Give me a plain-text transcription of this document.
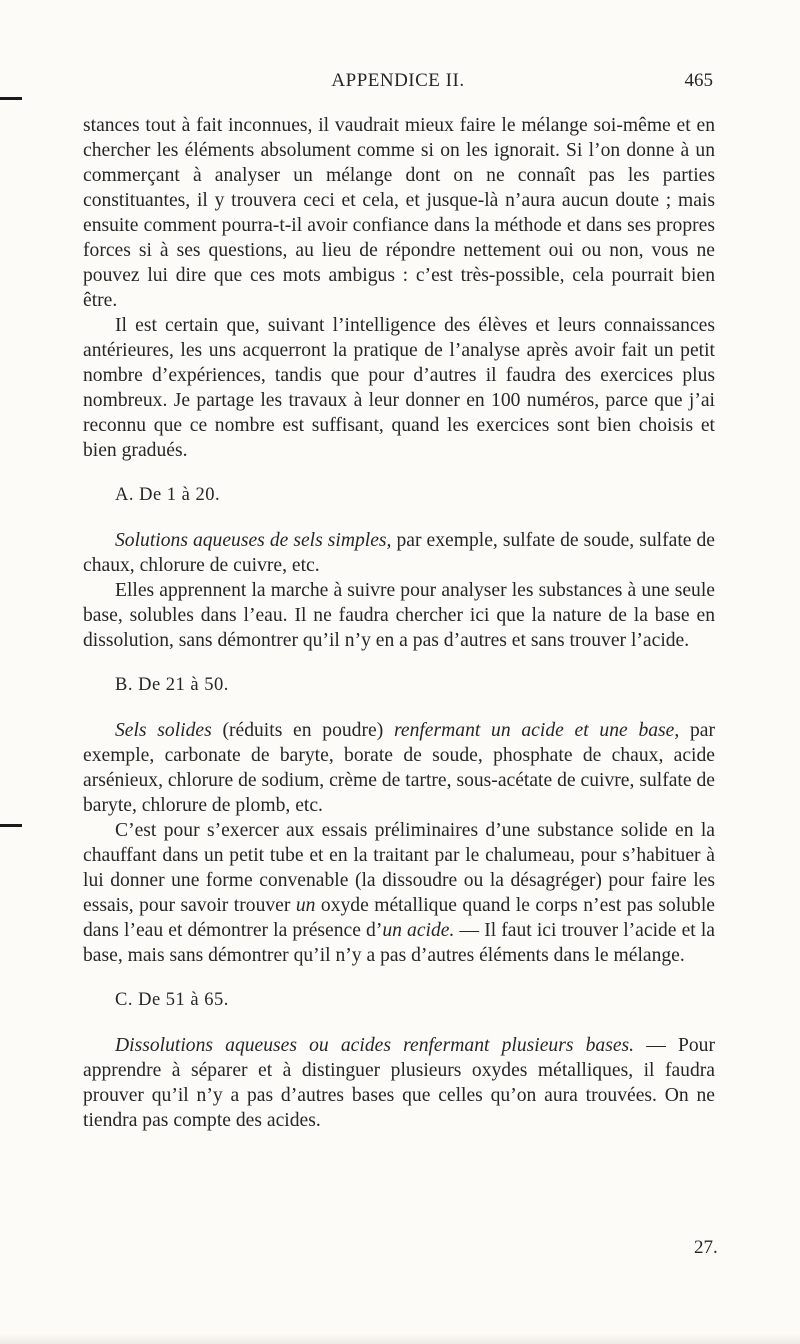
APPENDICE II.	465

stances tout à fait inconnues, il vaudrait mieux faire le mélange soi-même et en chercher les éléments absolument comme si on les ignorait. Si l’on donne à un commerçant à analyser un mélange dont on ne connaît pas les parties constituantes, il y trouvera ceci et cela, et jusque-là n’aura aucun doute ; mais ensuite comment pourra-t-il avoir confiance dans la méthode et dans ses propres forces si à ses questions, au lieu de répondre nettement oui ou non, vous ne pouvez lui dire que ces mots ambigus : c’est très-possible, cela pourrait bien être.

Il est certain que, suivant l’intelligence des élèves et leurs connaissances antérieures, les uns acquerront la pratique de l’analyse après avoir fait un petit nombre d’expériences, tandis que pour d’autres il faudra des exercices plus nombreux. Je partage les travaux à leur donner en 100 numéros, parce que j’ai reconnu que ce nombre est suffisant, quand les exercices sont bien choisis et bien gradués.

A. De 1 à 20.

Solutions aqueuses de sels simples, par exemple, sulfate de soude, sulfate de chaux, chlorure de cuivre, etc.

Elles apprennent la marche à suivre pour analyser les substances à une seule base, solubles dans l’eau. Il ne faudra chercher ici que la nature de la base en dissolution, sans démontrer qu’il n’y en a pas d’autres et sans trouver l’acide.

B. De 21 à 50.

Sels solides (réduits en poudre) renfermant un acide et une base, par exemple, carbonate de baryte, borate de soude, phosphate de chaux, acide arsénieux, chlorure de sodium, crème de tartre, sous-acétate de cuivre, sulfate de baryte, chlorure de plomb, etc.

C’est pour s’exercer aux essais préliminaires d’une substance solide en la chauffant dans un petit tube et en la traitant par le chalumeau, pour s’habituer à lui donner une forme convenable (la dissoudre ou la désagréger) pour faire les essais, pour savoir trouver un oxyde métallique quand le corps n’est pas soluble dans l’eau et démontrer la présence d’un acide. — Il faut ici trouver l’acide et la base, mais sans démontrer qu’il n’y a pas d’autres éléments dans le mélange.

C. De 51 à 65.

Dissolutions aqueuses ou acides renfermant plusieurs bases. — Pour apprendre à séparer et à distinguer plusieurs oxydes métalliques, il faudra prouver qu’il n’y a pas d’autres bases que celles qu’on aura trouvées. On ne tiendra pas compte des acides.

27.
